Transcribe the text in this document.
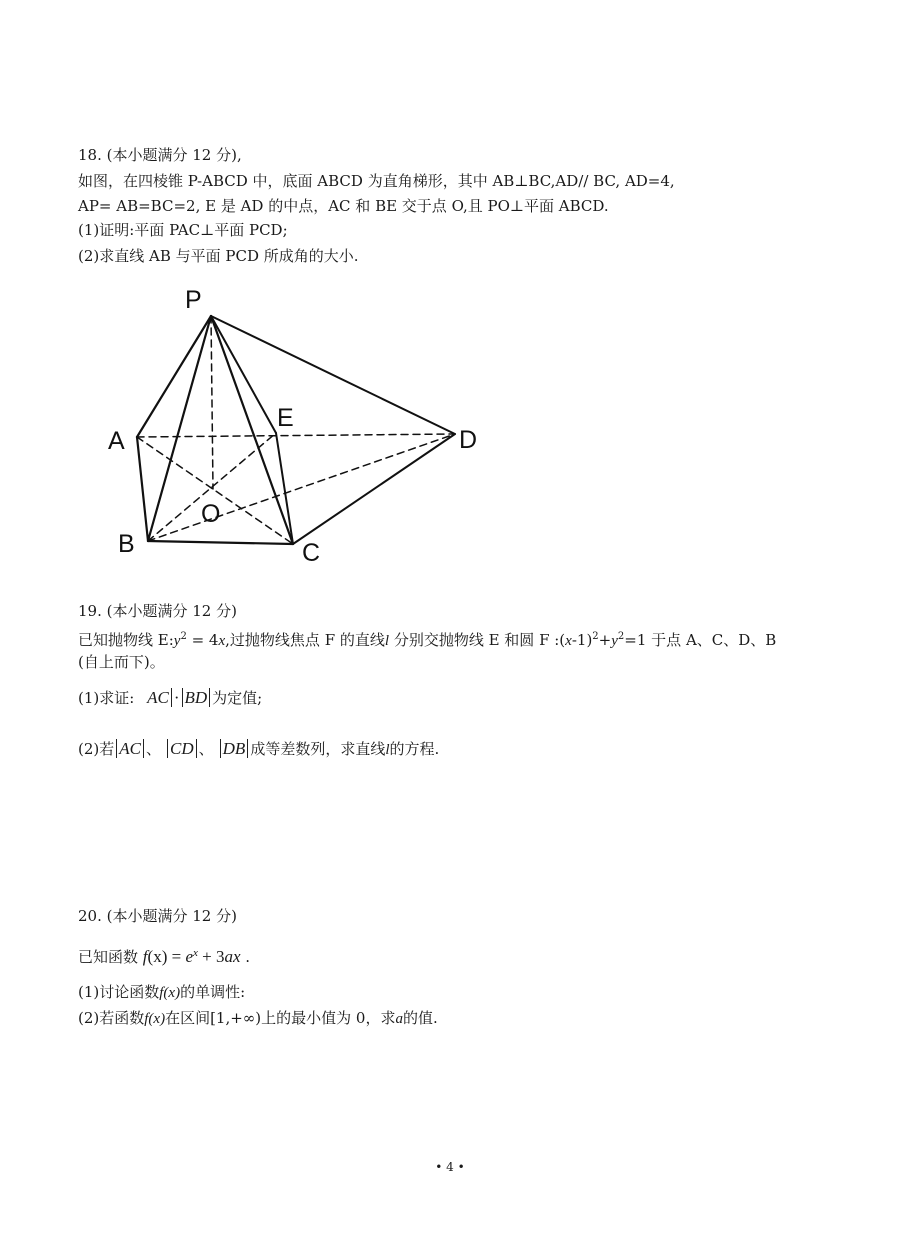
18. (本小题满分 12 分),
如图，在四棱锥 P-ABCD 中，底面 ABCD 为直角梯形，其中 AB⊥BC,AD// BC, AD=4,
AP= AB=BC=2, E 是 AD 的中点，AC 和 BE 交于点 O,且 PO⊥平面 ABCD.
(1)证明:平面 PAC⊥平面 PCD;
(2)求直线 AB 与平面 PCD 所成角的大小.
P
A
B	C
D
E
O
19. (本小题满分 12 分)
已知抛物线 $E:y^2 = 4x$,过抛物线焦点 F 的直线l 分别交抛物线 E 和圆 F $:(x-1)^2+y^2=1$ 于点 A、C、D、B
(自上而下)。
(1)求证: AC · BD 为定值;
(2)若 AC 、 CD 、 DB 成等差数列，求直线l的方程.
20. (本小题满分 12 分)
已知函数 $f(x) = e^x + 3ax$ .
(1)讨论函数f(x)的单调性:
(2)若函数f(x)在区间[1,+∞)上的最小值为 0，求a的值.
• 4 •
